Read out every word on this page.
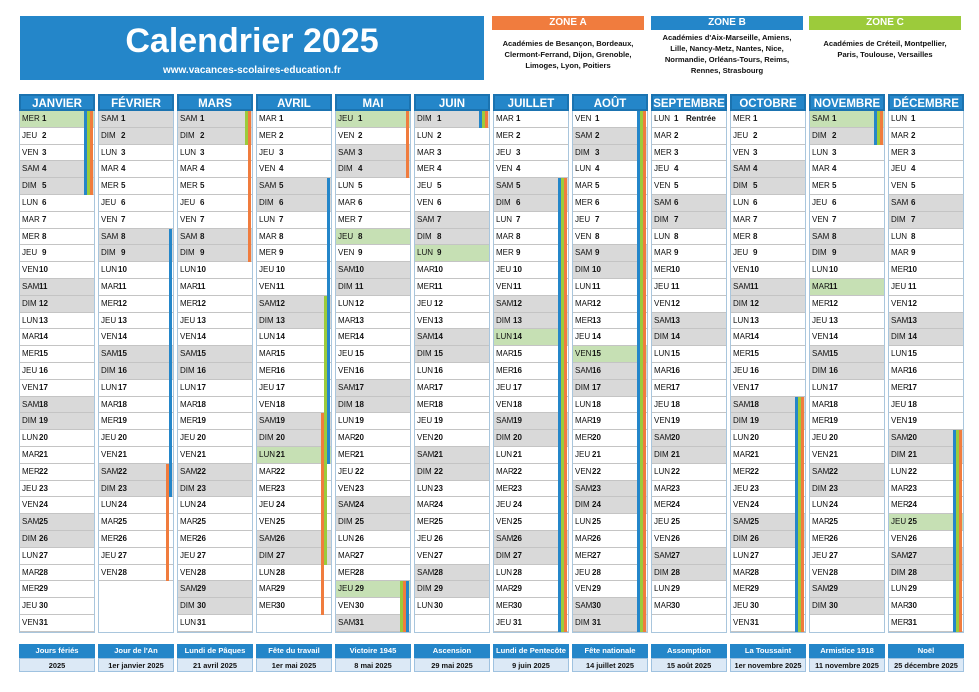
Calendrier 2025
www.vacances-scolaires-education.fr
ZONE A
Académies de Besançon, Bordeaux,
Clermont-Ferrand, Dijon, Grenoble,
Limoges, Lyon, Poitiers
ZONE B
Académies d'Aix-Marseille, Amiens,
Lille, Nancy-Metz, Nantes, Nice,
Normandie, Orléans-Tours, Reims,
Rennes, Strasbourg
ZONE C
Académies de Créteil, Montpellier,
Paris, Toulouse, Versailles
JANVIER
MER 1
JEU 2
VEN 3
SAM 4
DIM 5
LUN 6
MAR 7
MER 8
JEU 9
VEN 10
SAM 11
DIM 12
LUN 13
MAR 14
MER 15
JEU 16
VEN 17
SAM 18
DIM 19
LUN 20
MAR 21
MER 22
JEU 23
VEN 24
SAM 25
DIM 26
LUN 27
MAR 28
MER 29
JEU 30
VEN 31
FÉVRIER
SAM 1
DIM 2
LUN 3
MAR 4
MER 5
JEU 6
VEN 7
SAM 8
DIM 9
LUN 10
MAR 11
MER 12
JEU 13
VEN 14
SAM 15
DIM 16
LUN 17
MAR 18
MER 19
JEU 20
VEN 21
SAM 22
DIM 23
LUN 24
MAR 25
MER 26
JEU 27
VEN 28
MARS
SAM 1
DIM 2
LUN 3
MAR 4
MER 5
JEU 6
VEN 7
SAM 8
DIM 9
LUN 10
MAR 11
MER 12
JEU 13
VEN 14
SAM 15
DIM 16
LUN 17
MAR 18
MER 19
JEU 20
VEN 21
SAM 22
DIM 23
LUN 24
MAR 25
MER 26
JEU 27
VEN 28
SAM 29
DIM 30
LUN 31
AVRIL
MAR 1
MER 2
JEU 3
VEN 4
SAM 5
DIM 6
LUN 7
MAR 8
MER 9
JEU 10
VEN 11
SAM 12
DIM 13
LUN 14
MAR 15
MER 16
JEU 17
VEN 18
SAM 19
DIM 20
LUN 21
MAR 22
MER 23
JEU 24
VEN 25
SAM 26
DIM 27
LUN 28
MAR 29
MER 30
MAI
JEU 1
VEN 2
SAM 3
DIM 4
LUN 5
MAR 6
MER 7
JEU 8
VEN 9
SAM 10
DIM 11
LUN 12
MAR 13
MER 14
JEU 15
VEN 16
SAM 17
DIM 18
LUN 19
MAR 20
MER 21
JEU 22
VEN 23
SAM 24
DIM 25
LUN 26
MAR 27
MER 28
JEU 29
VEN 30
SAM 31
JUIN
DIM 1
LUN 2
MAR 3
MER 4
JEU 5
VEN 6
SAM 7
DIM 8
LUN 9
MAR 10
MER 11
JEU 12
VEN 13
SAM 14
DIM 15
LUN 16
MAR 17
MER 18
JEU 19
VEN 20
SAM 21
DIM 22
LUN 23
MAR 24
MER 25
JEU 26
VEN 27
SAM 28
DIM 29
LUN 30
JUILLET
MAR 1
MER 2
JEU 3
VEN 4
SAM 5
DIM 6
LUN 7
MAR 8
MER 9
JEU 10
VEN 11
SAM 12
DIM 13
LUN 14
MAR 15
MER 16
JEU 17
VEN 18
SAM 19
DIM 20
LUN 21
MAR 22
MER 23
JEU 24
VEN 25
SAM 26
DIM 27
LUN 28
MAR 29
MER 30
JEU 31
AOÛT
VEN 1
SAM 2
DIM 3
LUN 4
MAR 5
MER 6
JEU 7
VEN 8
SAM 9
DIM 10
LUN 11
MAR 12
MER 13
JEU 14
VEN 15
SAM 16
DIM 17
LUN 18
MAR 19
MER 20
JEU 21
VEN 22
SAM 23
DIM 24
LUN 25
MAR 26
MER 27
JEU 28
VEN 29
SAM 30
DIM 31
SEPTEMBRE
LUN 1 Rentrée
MAR 2
MER 3
JEU 4
VEN 5
SAM 6
DIM 7
LUN 8
MAR 9
MER 10
JEU 11
VEN 12
SAM 13
DIM 14
LUN 15
MAR 16
MER 17
JEU 18
VEN 19
SAM 20
DIM 21
LUN 22
MAR 23
MER 24
JEU 25
VEN 26
SAM 27
DIM 28
LUN 29
MAR 30
OCTOBRE
MER 1
JEU 2
VEN 3
SAM 4
DIM 5
LUN 6
MAR 7
MER 8
JEU 9
VEN 10
SAM 11
DIM 12
LUN 13
MAR 14
MER 15
JEU 16
VEN 17
SAM 18
DIM 19
LUN 20
MAR 21
MER 22
JEU 23
VEN 24
SAM 25
DIM 26
LUN 27
MAR 28
MER 29
JEU 30
VEN 31
NOVEMBRE
SAM 1
DIM 2
LUN 3
MAR 4
MER 5
JEU 6
VEN 7
SAM 8
DIM 9
LUN 10
MAR 11
MER 12
JEU 13
VEN 14
SAM 15
DIM 16
LUN 17
MAR 18
MER 19
JEU 20
VEN 21
SAM 22
DIM 23
LUN 24
MAR 25
MER 26
JEU 27
VEN 28
SAM 29
DIM 30
DÉCEMBRE
LUN 1
MAR 2
MER 3
JEU 4
VEN 5
SAM 6
DIM 7
LUN 8
MAR 9
MER 10
JEU 11
VEN 12
SAM 13
DIM 14
LUN 15
MAR 16
MER 17
JEU 18
VEN 19
SAM 20
DIM 21
LUN 22
MAR 23
MER 24
JEU 25
VEN 26
SAM 27
DIM 28
LUN 29
MAR 30
MER 31
Jours fériés
2025
Jour de l'An
1er janvier 2025
Lundi de Pâques
21 avril 2025
Fête du travail
1er mai 2025
Victoire 1945
8 mai 2025
Ascension
29 mai 2025
Lundi de Pentecôte
9 juin 2025
Fête nationale
14 juillet 2025
Assomption
15 août 2025
La Toussaint
1er novembre 2025
Armistice 1918
11 novembre 2025
Noël
25 décembre 2025
